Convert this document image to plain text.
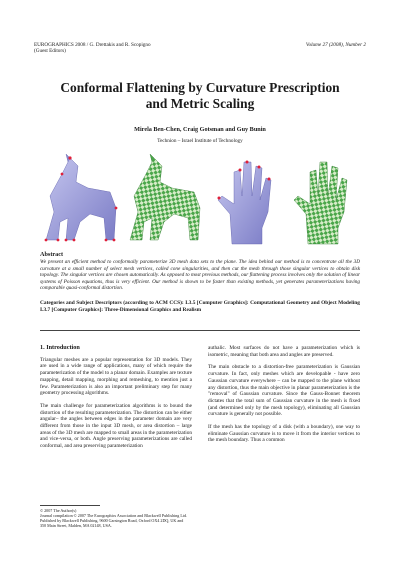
EUROGRAPHICS 2008 / G. Drettakis and R. Scopigno
(Guest Editors)
Volume 27 (2008), Number 2
Conformal Flattening by Curvature Prescription
and Metric Scaling
Mirela Ben-Chen, Craig Gotsman and Guy Bunin
Technion – Israel Institute of Technology
Abstract
We present an efficient method to conformally parameterize 3D mesh data sets to the plane. The idea behind our method is to concentrate all the 3D curvature at a small number of select mesh vertices, called cone singularities, and then cut the mesh through those singular vertices to obtain disk topology. The singular vertices are chosen automatically. As opposed to most previous methods, our flattening process involves only the solution of linear systems of Poisson equations, thus is very efficient. Our method is shown to be faster than existing methods, yet generates parameterizations having comparable quasi-conformal distortion.
Categories and Subject Descriptors (according to ACM CCS): I.3.5 [Computer Graphics]: Computational Geometry and Object Modeling I.3.7 [Computer Graphics]: Three-Dimensional Graphics and Realism
1. Introduction

Triangular meshes are a popular representation for 3D models. They are used in a wide range of applications, many of which require the parameterization of the model to a planar domain. Examples are texture mapping, detail mapping, morphing and remeshing, to mention just a few. Parameterization is also an important preliminary step for many geometry processing algorithms.

The main challenge for parameterization algorithms is to bound the distortion of the resulting parameterization. The distortion can be either angular– the angles between edges in the parameter domain are very different from those in the input 3D mesh, or area distortion – large areas of the 3D mesh are mapped to small areas in the parameterization and vice-versa, or both. Angle preserving parameterizations are called conformal, and area preserving parameterization

authalic. Most surfaces do not have a parameterization which is isometric, meaning that both area and angles are preserved.

The main obstacle to a distortion-free parameterization is Gaussian curvature. In fact, only meshes which are developable - have zero Gaussian curvature everywhere – can be mapped to the plane without any distortion, thus the main objective in planar parameterization is the "removal" of Gaussian curvature. Since the Gauss-Bonnet theorem dictates that the total sum of Gaussian curvature in the mesh is fixed (and determined only by the mesh topology), eliminating all Gaussian curvature is generally not possible.

If the mesh has the topology of a disk (with a boundary), one way to eliminate Gaussian curvature is to move it from the interior vertices to the mesh boundary. Thus a common

© 2007 The Author(s)
Journal compilation © 2007 The Eurographics Association and Blackwell Publishing Ltd.
Published by Blackwell Publishing, 9600 Garsington Road, Oxford OX4 2DQ, UK and
350 Main Street, Malden, MA 02148, USA.
